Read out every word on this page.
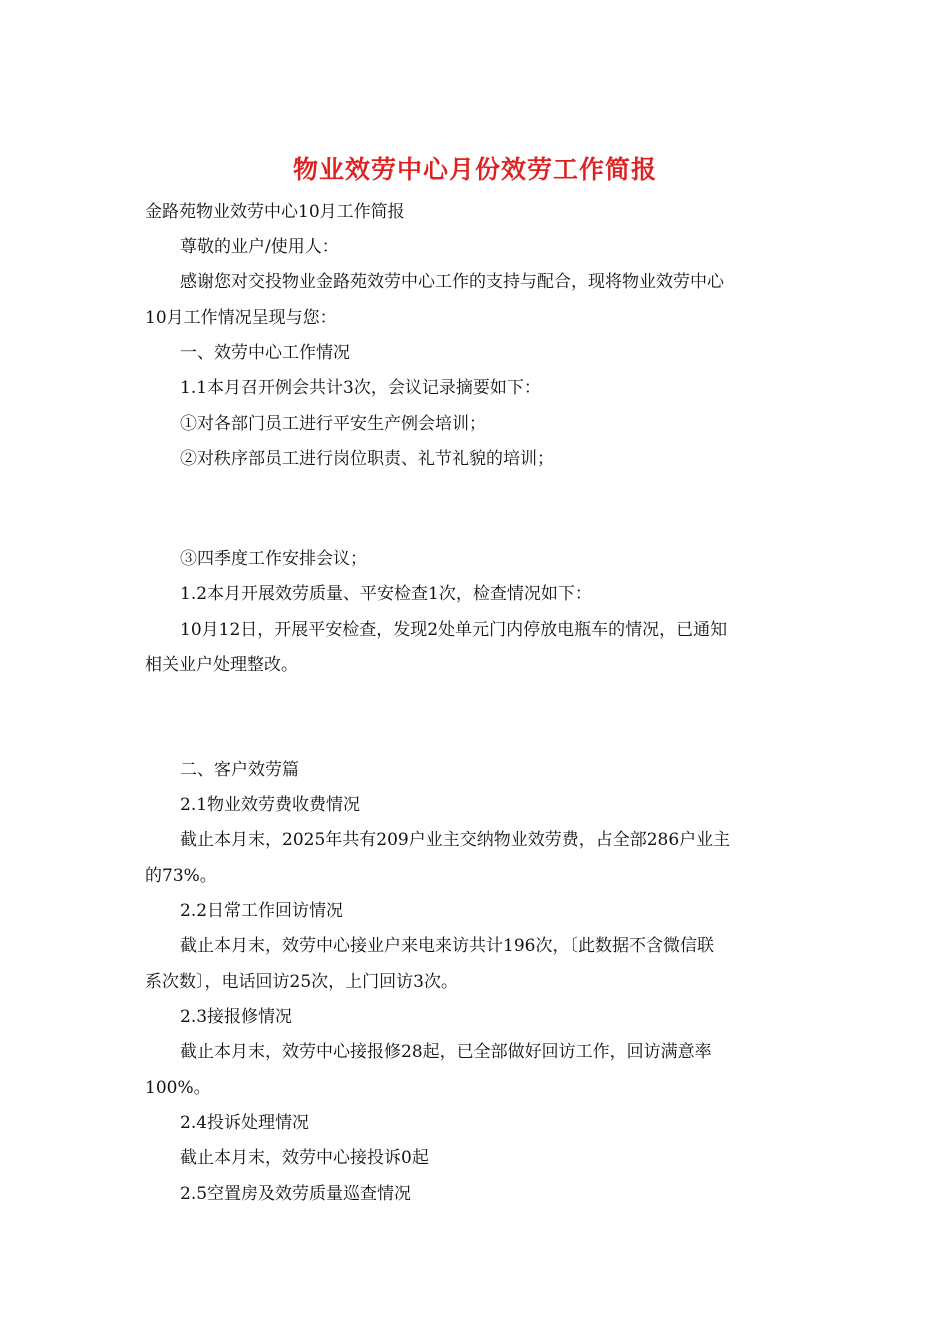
物业效劳中心月份效劳工作简报
金路苑物业效劳中心10月工作简报
尊敬的业户/使用人：
感谢您对交投物业金路苑效劳中心工作的支持与配合，现将物业效劳中心
10月工作情况呈现与您：
一、效劳中心工作情况
1.1本月召开例会共计3次，会议记录摘要如下：
①对各部门员工进行平安生产例会培训；
②对秩序部员工进行岗位职责、礼节礼貌的培训；
③四季度工作安排会议；
1.2本月开展效劳质量、平安检查1次，检查情况如下：
10月12日，开展平安检查，发现2处单元门内停放电瓶车的情况，已通知
相关业户处理整改。
二、客户效劳篇
2.1物业效劳费收费情况
截止本月末，2025年共有209户业主交纳物业效劳费，占全部286户业主
的73%。
2.2日常工作回访情况
截止本月末，效劳中心接业户来电来访共计196次，〔此数据不含微信联
系次数〕，电话回访25次，上门回访3次。
2.3接报修情况
截止本月末，效劳中心接报修28起，已全部做好回访工作，回访满意率
100%。
2.4投诉处理情况
截止本月末，效劳中心接投诉0起
2.5空置房及效劳质量巡查情况
